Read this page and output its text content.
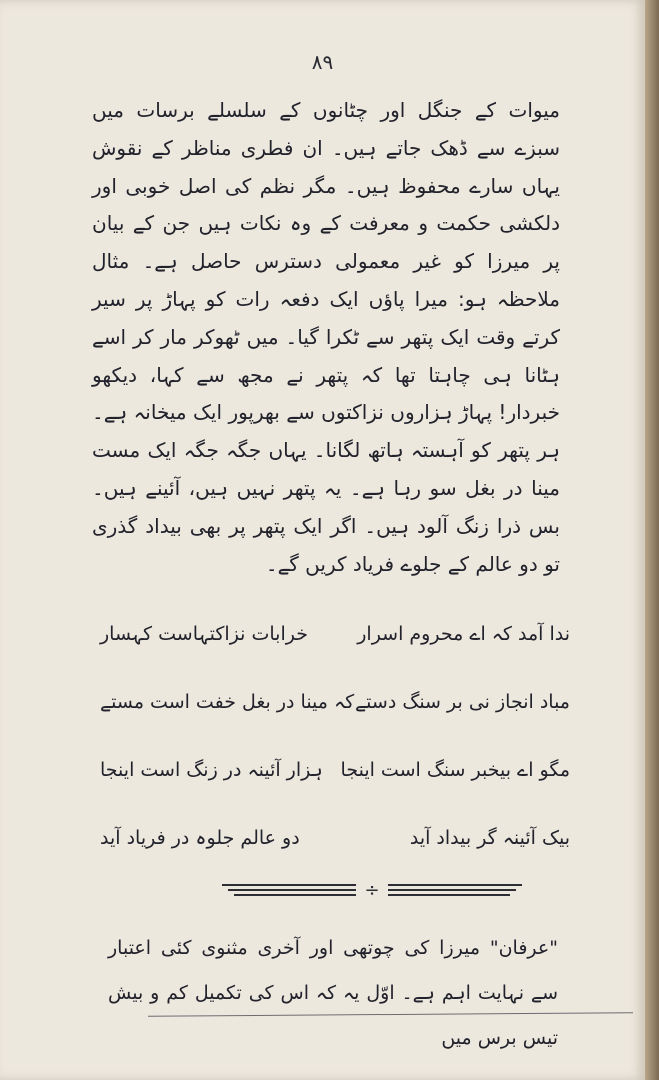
۸۹
میوات کے جنگل اور چٹانوں کے سلسلے برسات میں سبزے سے ڈھک جاتے ہیں۔ ان فطری مناظر کے نقوش یہاں سارے محفوظ ہیں۔ مگر نظم کی اصل خوبی اور دلکشی حکمت و معرفت کے وہ نکات ہیں جن کے بیان پر میرزا کو غیر معمولی دسترس حاصل ہے۔ مثال ملاحظہ ہو: میرا پاؤں ایک دفعہ رات کو پہاڑ پر سیر کرتے وقت ایک پتھر سے ٹکرا گیا۔ میں ٹھوکر مار کر اسے ہٹانا ہی چاہتا تھا کہ پتھر نے مجھ سے کہا، دیکھو خبردار! پہاڑ ہزاروں نزاکتوں سے بھرپور ایک میخانہ ہے۔ ہر پتھر کو آہستہ ہاتھ لگانا۔ یہاں جگہ جگہ ایک مست مینا در بغل سو رہا ہے۔ یہ پتھر نہیں ہیں، آئینے ہیں۔ بس ذرا زنگ آلود ہیں۔ اگر ایک پتھر پر بھی بیداد گذری تو دو عالم کے جلوے فریاد کریں گے۔
ندا آمد کہ اے محروم اسرار
خرابات نزاکتہاست کہسار
مباد انجاز نی بر سنگ دستے
کہ مینا در بغل خفت است مستے
مگو اے بیخبر سنگ است اینجا
ہزار آئینہ در زنگ است اینجا
بیک آئینہ گر بیداد آید
دو عالم جلوہ در فریاد آید
÷
"عرفان" میرزا کی چوتھی اور آخری مثنوی کئی اعتبار سے نہایت اہم ہے۔ اوّل یہ کہ اس کی تکمیل کم و بیش تیس برس میں
